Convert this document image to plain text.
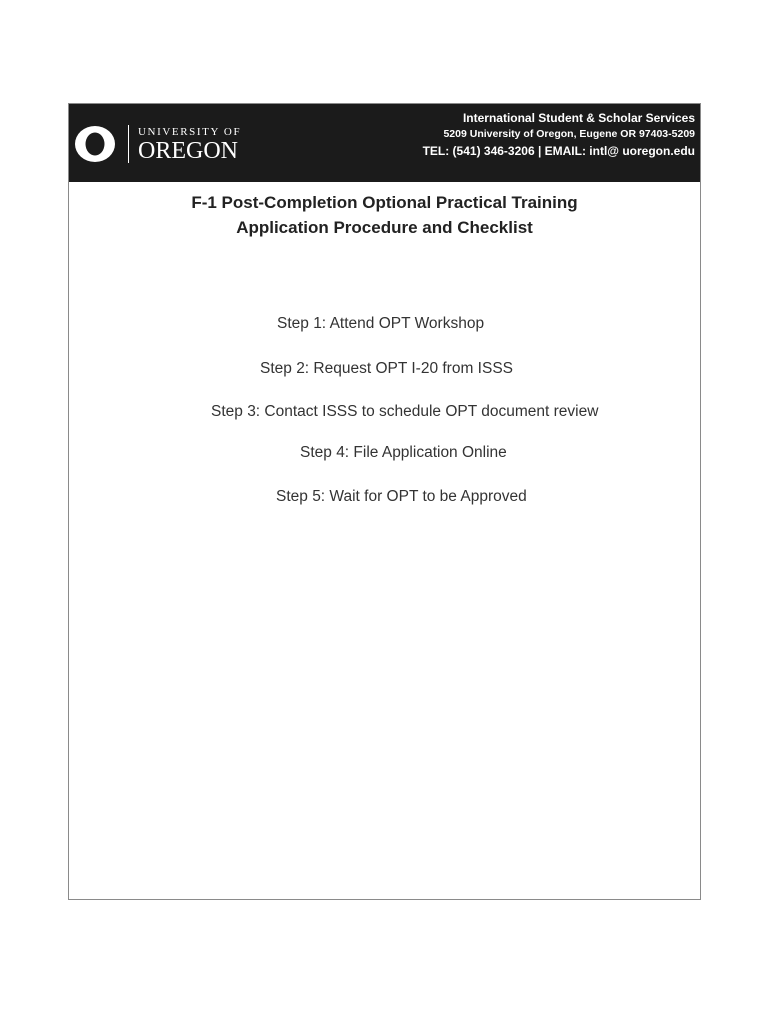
UNIVERSITY OF
OREGON
International Student & Scholar Services
5209 University of Oregon, Eugene OR 97403-5209
TEL: (541) 346-3206 | EMAIL: intl@ uoregon.edu
F-1 Post-Completion Optional Practical Training
Application Procedure and Checklist
Step 1: Attend OPT Workshop
Step 2: Request OPT I-20 from ISSS
Step 3: Contact ISSS to schedule OPT document review
Step 4: File Application Online
Step 5: Wait for OPT to be Approved
